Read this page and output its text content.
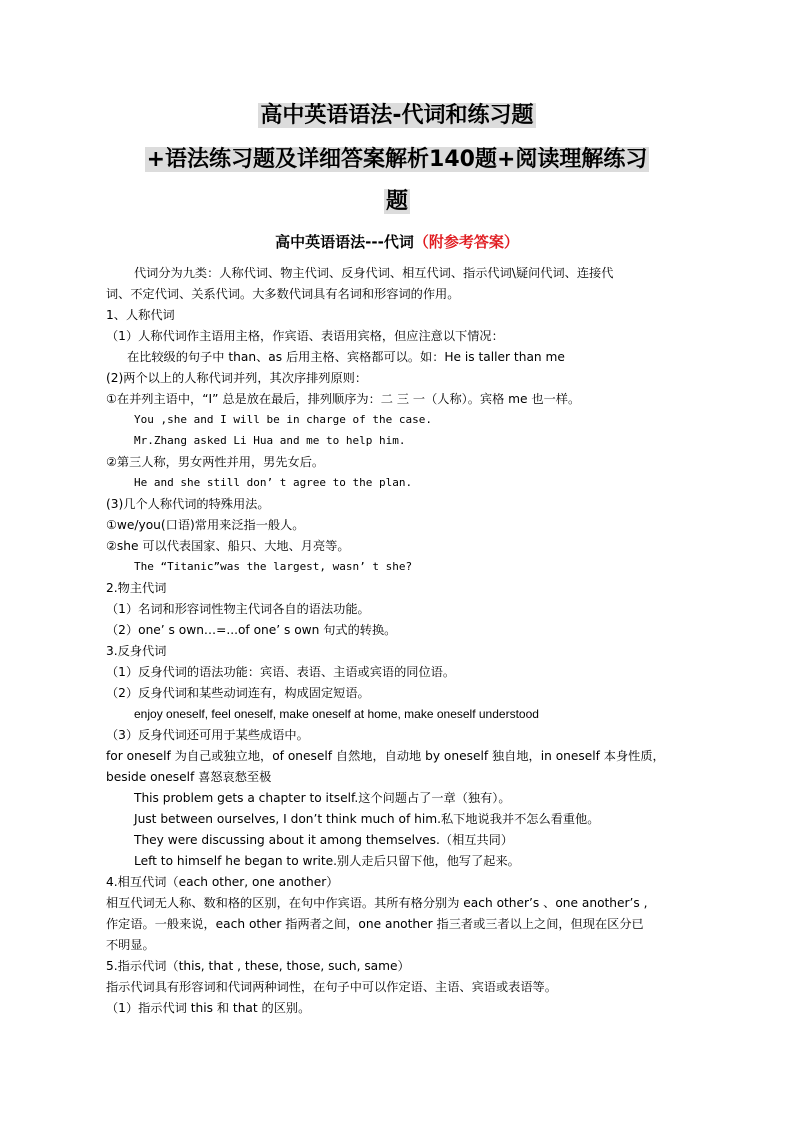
高中英语语法-代词和练习题
+语法练习题及详细答案解析140题+阅读理解练习
题
高中英语语法---代词（附参考答案）
代词分为九类：人称代词、物主代词、反身代词、相互代词、指示代词\疑问代词、连接代
词、不定代词、关系代词。大多数代词具有名词和形容词的作用。
1、人称代词
（1）人称代词作主语用主格，作宾语、表语用宾格，但应注意以下情况：
在比较级的句子中 than、as 后用主格、宾格都可以。如：He is taller than me
(2)两个以上的人称代词并列，其次序排列原则：
①在并列主语中，“I” 总是放在最后，排列顺序为：二 三 一（人称）。宾格 me 也一样。
You ,she and I will be in charge of the case.
Mr.Zhang asked Li Hua and me to help him.
②第三人称，男女两性并用，男先女后。
He and she still don’ t agree to the plan.
(3)几个人称代词的特殊用法。
①we/you(口语)常用来泛指一般人。
②she 可以代表国家、船只、大地、月亮等。
The “Titanic”was the largest, wasn’ t she?
2.物主代词
（1）名词和形容词性物主代词各自的语法功能。
（2）one’ s own…=...of one’ s own 句式的转换。
3.反身代词
（1）反身代词的语法功能：宾语、表语、主语或宾语的同位语。
（2）反身代词和某些动词连有，构成固定短语。
enjoy oneself, feel oneself, make oneself at home, make oneself understood
（3）反身代词还可用于某些成语中。
for oneself 为自己或独立地，of oneself 自然地，自动地 by oneself 独自地，in oneself 本身性质，
beside oneself 喜怒哀愁至极
This problem gets a chapter to itself.这个问题占了一章（独有）。
Just between ourselves, I don’t think much of him.私下地说我并不怎么看重他。
They were discussing about it among themselves.（相互共同）
Left to himself he began to write.别人走后只留下他，他写了起来。
4.相互代词（each other, one another）
相互代词无人称、数和格的区别，在句中作宾语。其所有格分别为 each other’s 、one another’s ,
作定语。一般来说，each other 指两者之间，one another 指三者或三者以上之间，但现在区分已
不明显。
5.指示代词（this, that , these, those, such, same）
指示代词具有形容词和代词两种词性，在句子中可以作定语、主语、宾语或表语等。
（1）指示代词 this 和 that 的区别。
